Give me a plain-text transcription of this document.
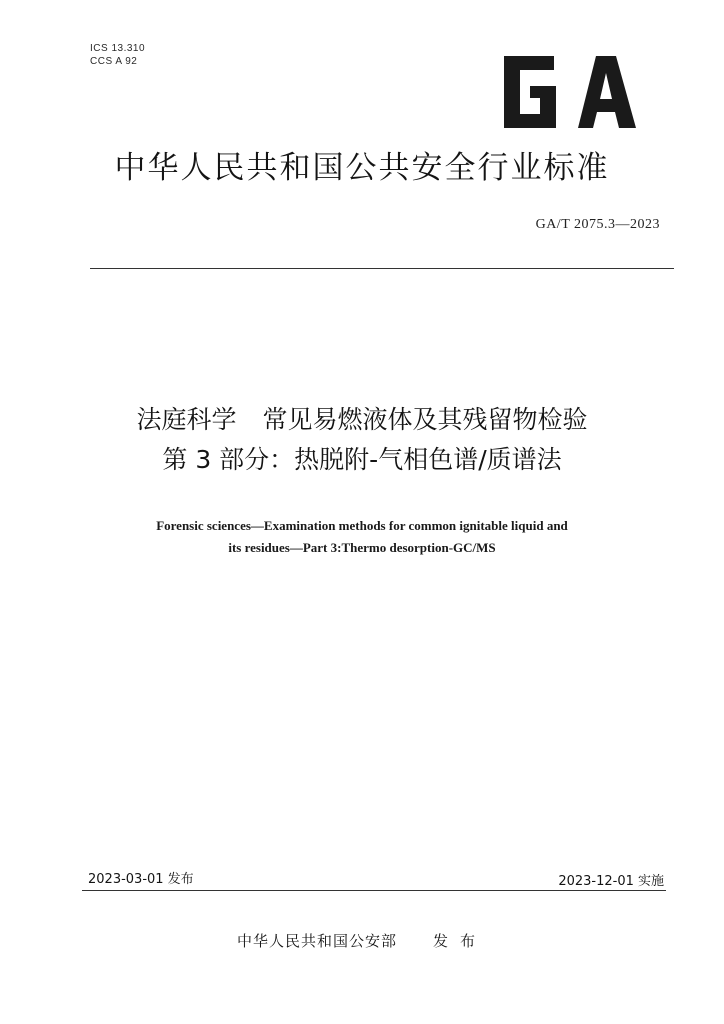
ICS 13.310
CCS A 92
中华人民共和国公共安全行业标准
GA/T 2075.3—2023
法庭科学 常见易燃液体及其残留物检验
第 3 部分：热脱附-气相色谱/质谱法
Forensic sciences—Examination methods for common ignitable liquid and
its residues—Part 3:Thermo desorption-GC/MS
2023-03-01 发布	2023-12-01 实施
中华人民共和国公安部 发布
